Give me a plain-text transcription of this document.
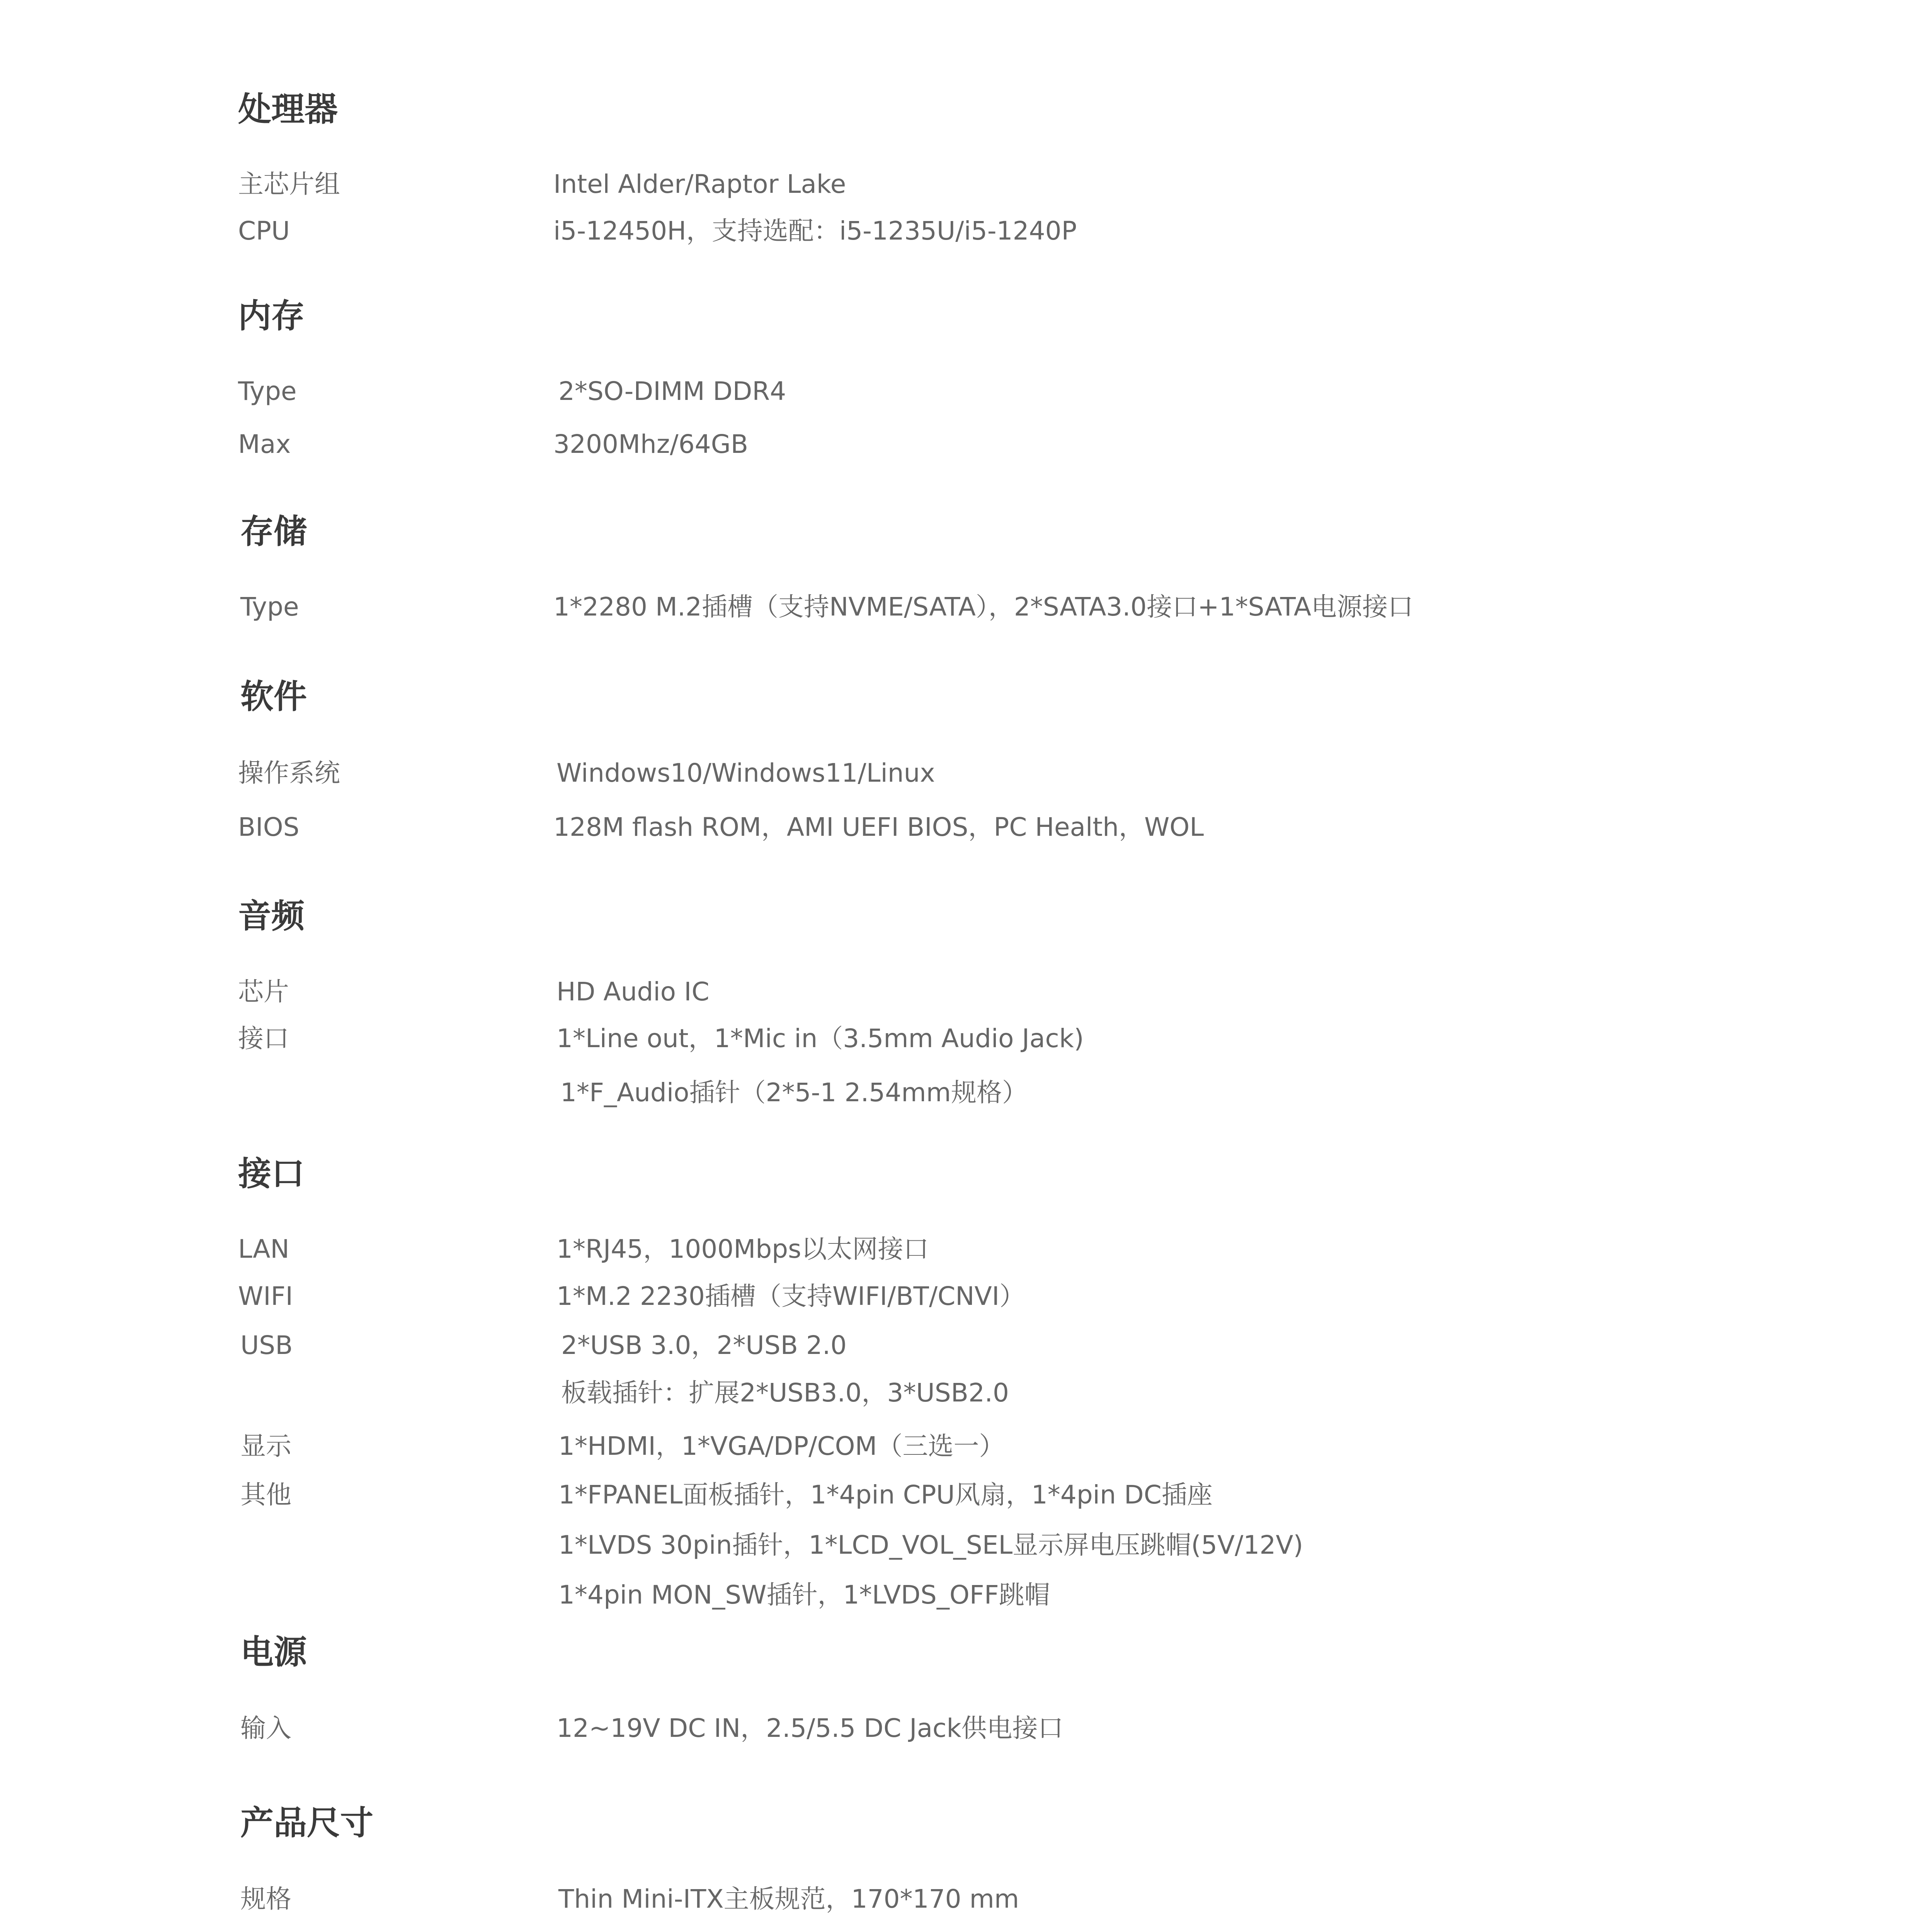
处理器
主芯片组	Intel Alder/Raptor Lake
CPU	i5-12450H，支持选配：i5-1235U/i5-1240P
内存
Type	2*SO-DIMM DDR4
Max	3200Mhz/64GB
存储
Type	1*2280 M.2插槽（支持NVME/SATA），2*SATA3.0接口+1*SATA电源接口
软件
操作系统	Windows10/Windows11/Linux
BIOS	128M flash ROM，AMI UEFI BIOS，PC Health，WOL
音频
芯片	HD Audio IC
接口	1*Line out，1*Mic in（3.5mm Audio Jack)
1*F_Audio插针（2*5-1 2.54mm规格）
接口
LAN	1*RJ45，1000Mbps以太网接口
WIFI	1*M.2 2230插槽（支持WIFI/BT/CNVI）
USB	2*USB 3.0，2*USB 2.0
板载插针：扩展2*USB3.0，3*USB2.0
显示	1*HDMI，1*VGA/DP/COM（三选一）
其他	1*FPANEL面板插针，1*4pin CPU风扇，1*4pin DC插座
1*LVDS 30pin插针，1*LCD_VOL_SEL显示屏电压跳帽(5V/12V)
1*4pin MON_SW插针，1*LVDS_OFF跳帽
电源
输入	12~19V DC IN，2.5/5.5 DC Jack供电接口
产品尺寸
规格	Thin Mini-ITX主板规范，170*170 mm
